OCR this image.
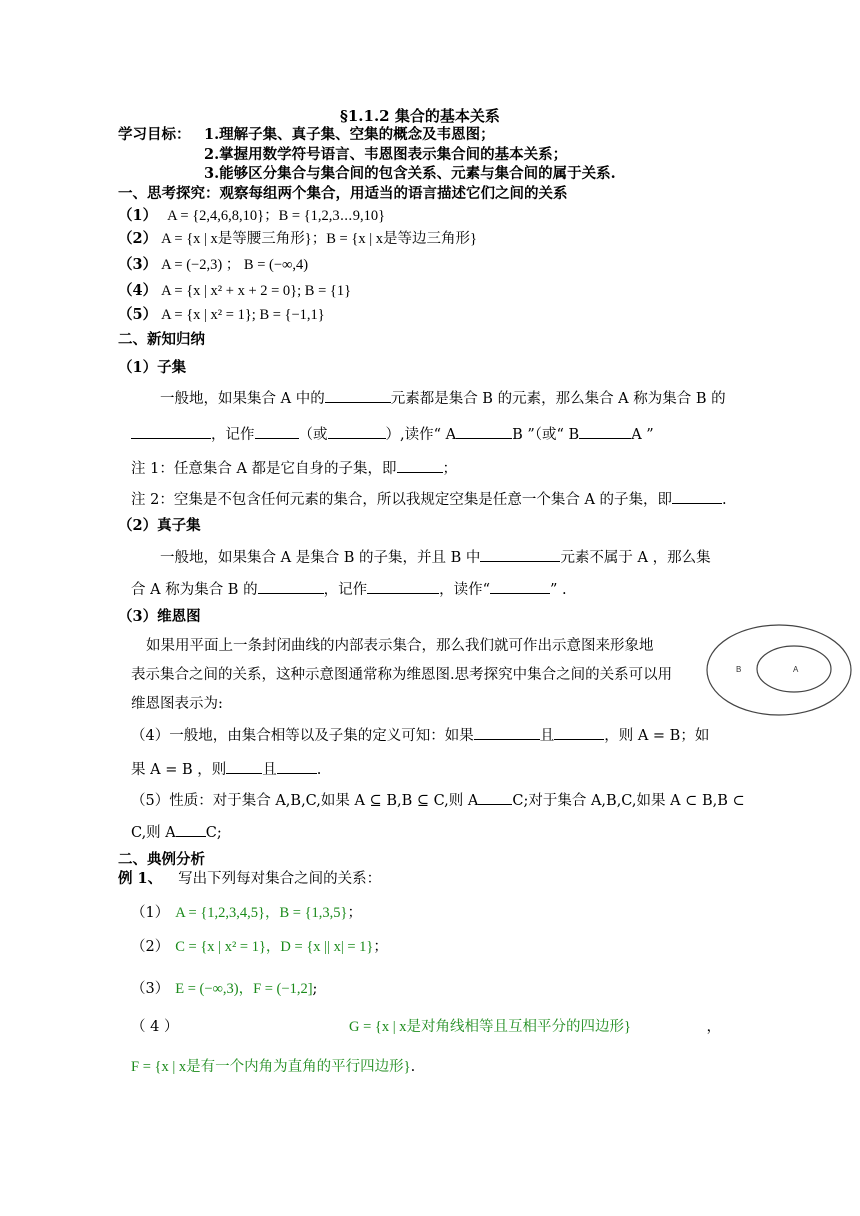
§1.1.2 集合的基本关系
学习目标： 1.理解子集、真子集、空集的概念及韦恩图；
2.掌握用数学符号语言、韦恩图表示集合间的基本关系；
3.能够区分集合与集合间的包含关系、元素与集合间的属于关系.
一、思考探究：观察每组两个集合，用适当的语言描述它们之间的关系
（1） A = {2,4,6,8,10}；B = {1,2,3⋯9,10}
（2） A = {x | x是等腰三角形}；B = {x | x是等边三角形}
（3） A = (−2,3) ； B = (−∞,4)
（4） A = {x | x² + x + 2 = 0}; B = {1}
（5） A = {x | x² = 1}; B = {−1,1}
二、新知归纳
（1）子集
一般地，如果集合 A 中的	元素都是集合 B 的元素，那么集合 A 称为集合 B 的
，记作	（或	）,读作“ A	B ”（或“ B	A ”
注 1：任意集合 A 都是它自身的子集，即	；
注 2：空集是不包含任何元素的集合，所以我规定空集是任意一个集合 A 的子集，即	.
（2）真子集
一般地，如果集合 A 是集合 B 的子集，并且 B 中	元素不属于 A ，那么集
合 A 称为集合 B 的	，记作	，读作“	” .
（3）维恩图
如果用平面上一条封闭曲线的内部表示集合，那么我们就可作出示意图来形象地
表示集合之间的关系，这种示意图通常称为维恩图.思考探究中集合之间的关系可以用
维恩图表示为:
B	A
（4）一般地，由集合相等以及子集的定义可知：如果	且	，则 A = B；如
果 A = B ，则 且	.
（5）性质：对于集合 A,B,C,如果 A ⊆ B,B ⊆ C,则 A C;对于集合 A,B,C,如果 A ⊂ B,B ⊂
C,则 A C;
二、典例分析
例 1、 写出下列每对集合之间的关系：
（1） A = {1,2,3,4,5}，B = {1,3,5}；
（2） C = {x | x² = 1}，D = {x || x| = 1}；
（3） E = (−∞,3)，F = (−1,2];
（ 4 ）	G = {x | x是对角线相等且互相平分的四边形}	，
F = {x | x是有一个内角为直角的平行四边形}.
